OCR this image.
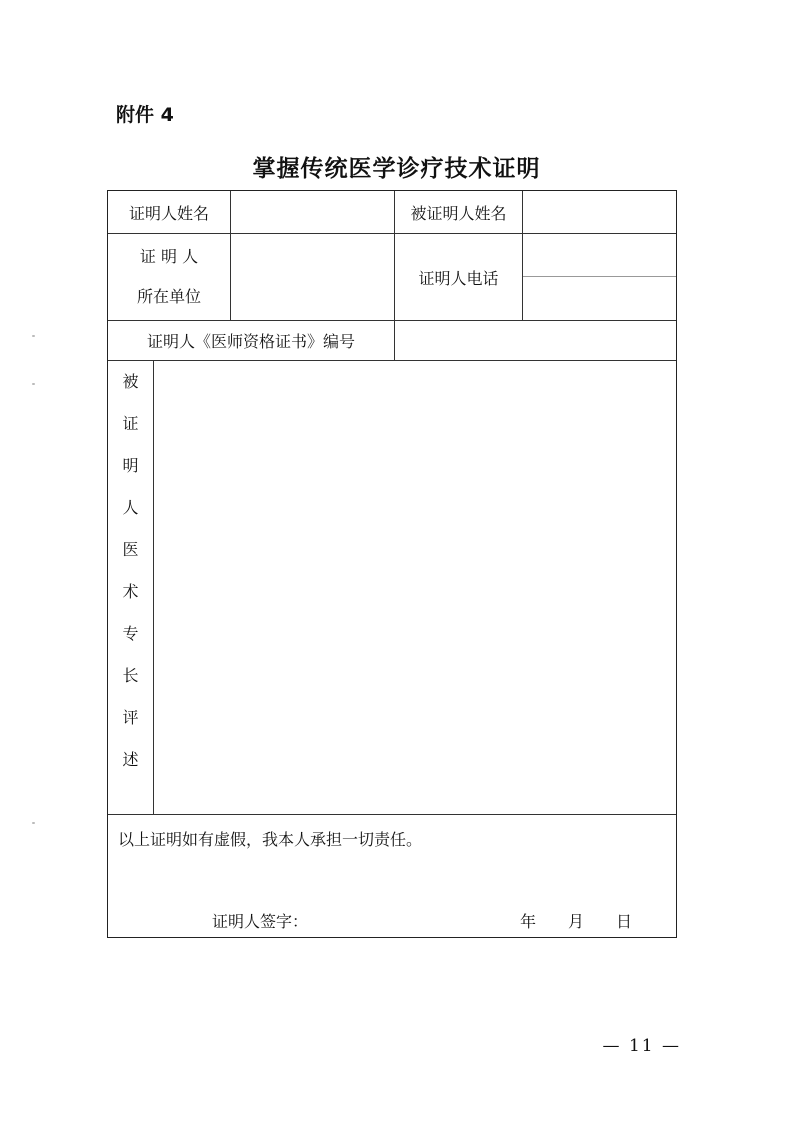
附件 4
掌握传统医学诊疗技术证明
证明人姓名	被证明人姓名
证 明 人
所在单位
证明人电话
证明人《医师资格证书》编号
被
证
明
人
医
术
专
长
评
述
以上证明如有虚假，我本人承担一切责任。
证明人签字：	年 月 日
— 11 —
